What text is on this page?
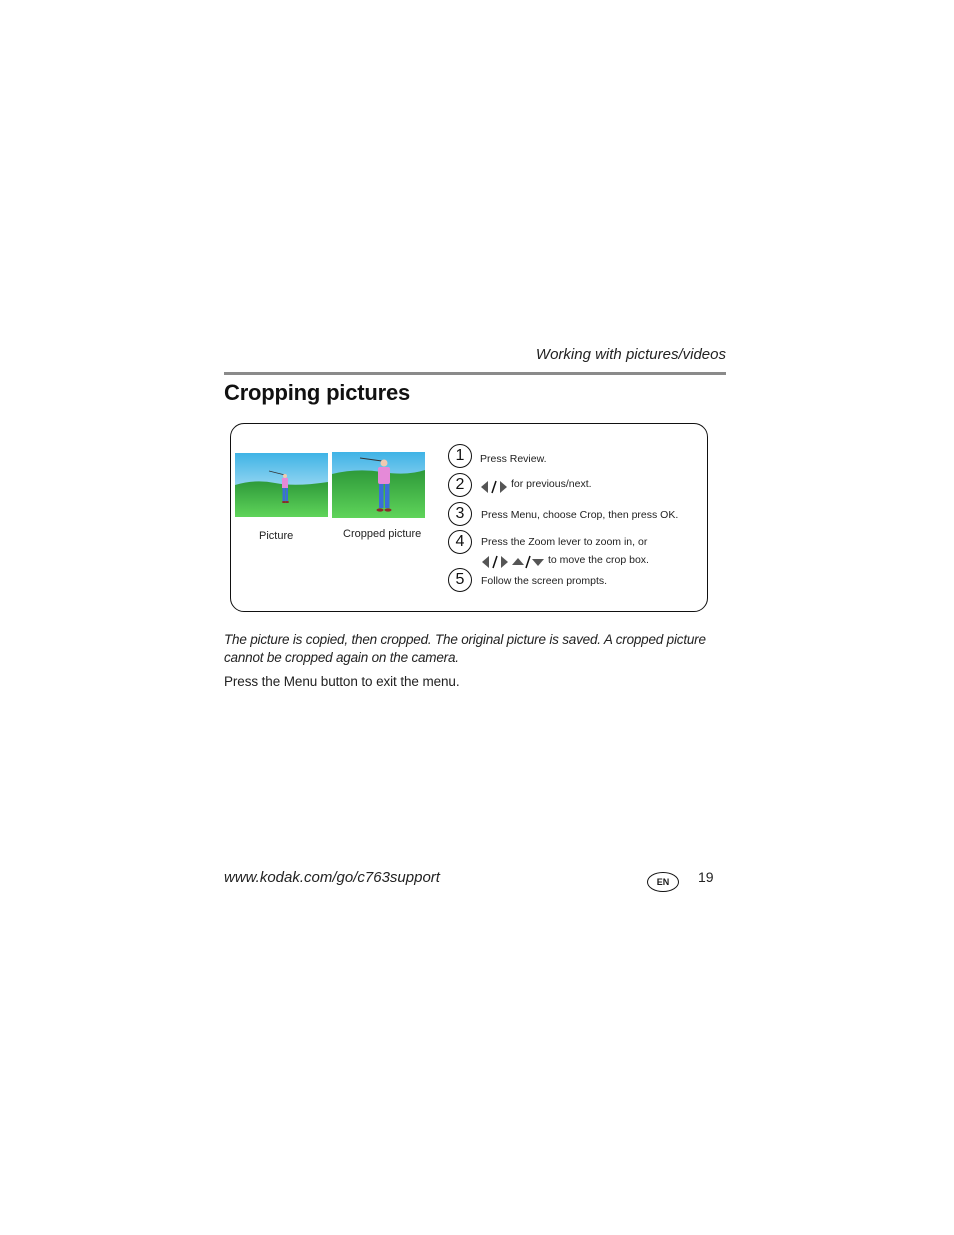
Working with pictures/videos
Cropping pictures
Picture	Cropped picture
1	Press Review.
2	for previous/next.
3	Press Menu, choose Crop, then press OK.
4	Press the Zoom lever to zoom in, or
to move the crop box.
5	Follow the screen prompts.
The picture is copied, then cropped. The original picture is saved. A cropped picture cannot be cropped again on the camera.
Press the Menu button to exit the menu.
www.kodak.com/go/c763support	EN	19
